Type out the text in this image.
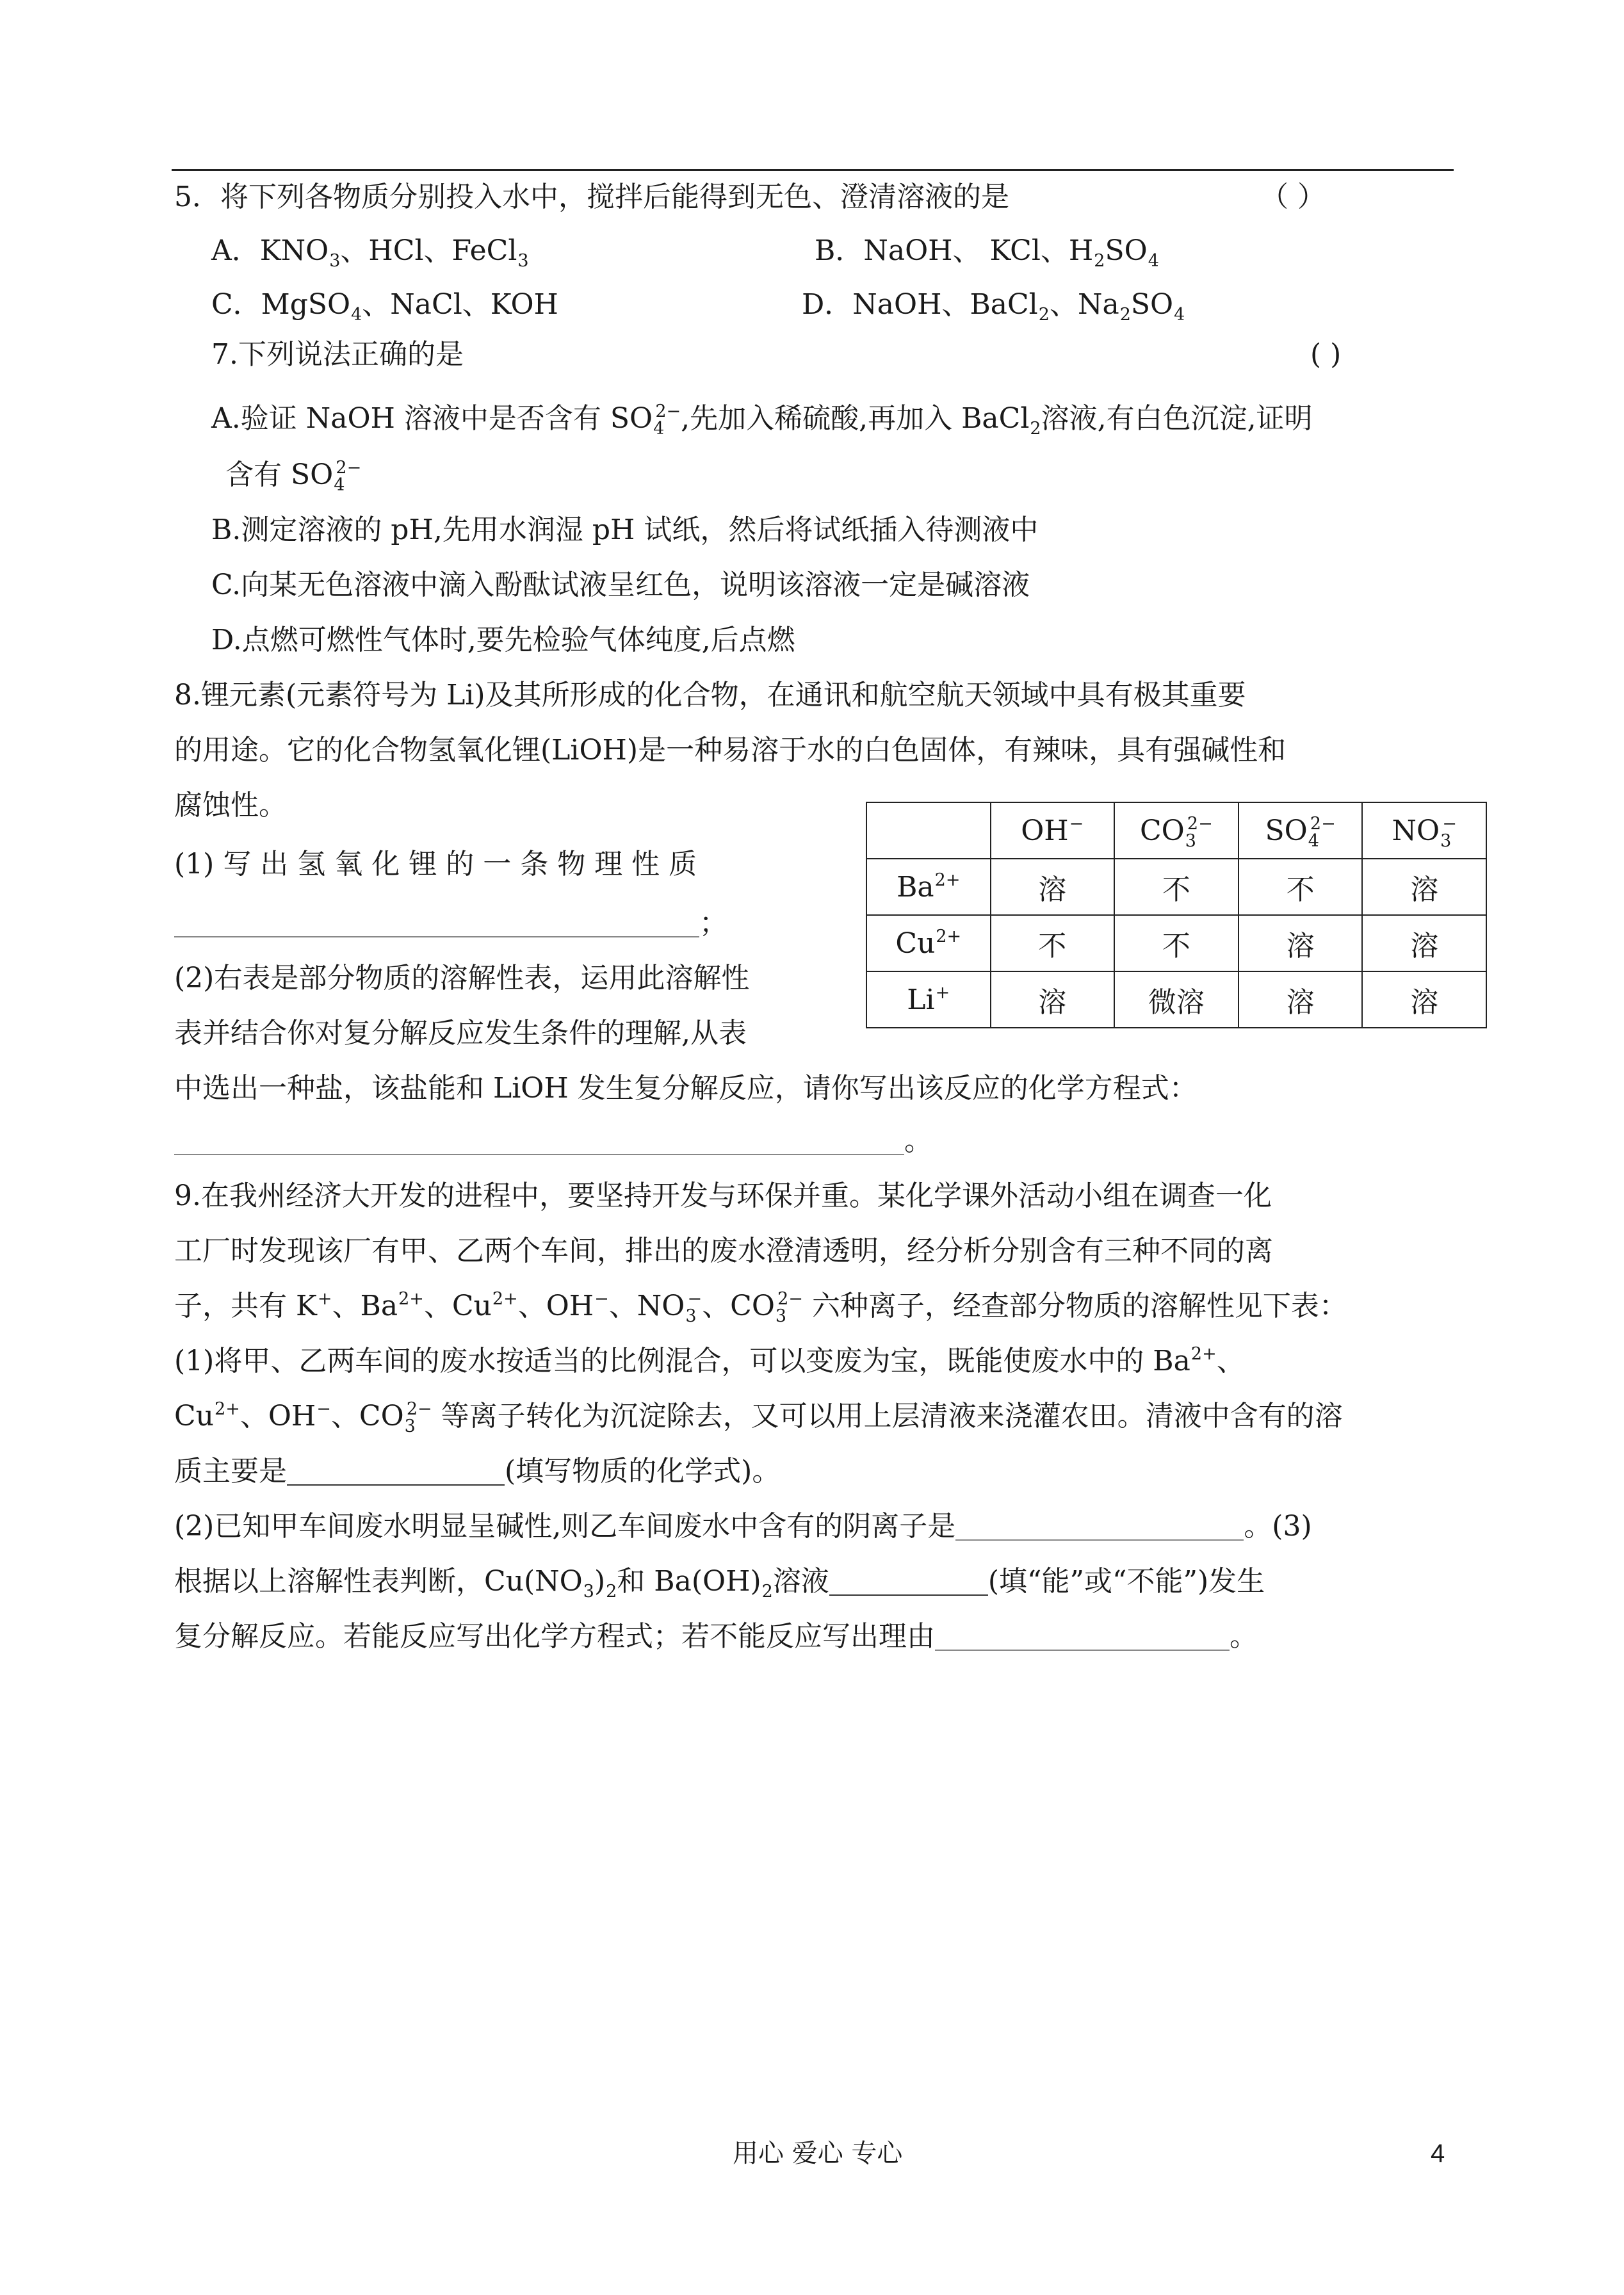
5．将下列各物质分别投入水中，搅拌后能得到无色、澄清溶液的是	（ ）
A．$KNO_3$、HCl、FeCl$_3$	B．NaOH、 KCl、$H_2SO_4$
C．MgSO$_4$、NaCl、KOH	D．NaOH、BaCl$_2$、$Na_2SO_4$
7.下列说法正确的是	( )
A.验证 NaOH 溶液中是否含有 $SO_4^{2-}$,先加入稀硫酸,再加入 BaCl$_2$溶液,有白色沉淀,证明
含有 $SO_4^{2-}$
B.测定溶液的 pH,先用水润湿 pH 试纸，然后将试纸插入待测液中
C.向某无色溶液中滴入酚酞试液呈红色，说明该溶液一定是碱溶液
D.点燃可燃性气体时,要先检验气体纯度,后点燃
8.锂元素(元素符号为 Li)及其所形成的化合物，在通讯和航空航天领域中具有极其重要
的用途。它的化合物氢氧化锂(LiOH)是一种易溶于水的白色固体，有辣味，具有强碱性和
腐蚀性。
(1) 写 出 氢 氧 化 锂 的 一 条 物 理 性 质
；
(2)右表是部分物质的溶解性表，运用此溶解性
表并结合你对复分解反应发生条件的理解,从表
中选出一种盐，该盐能和 LiOH 发生复分解反应，请你写出该反应的化学方程式：
。
	OH−	$CO_3^{2-}$	$SO_4^{2-}$	$NO_3^-$
$Ba^{2+}$	溶	不	不	溶
$Cu^{2+}$	不	不	溶	溶
Li+	溶	微溶	溶	溶
9.在我州经济大开发的进程中，要坚持开发与环保并重。某化学课外活动小组在调查一化
工厂时发现该厂有甲、乙两个车间，排出的废水澄清透明，经分析分别含有三种不同的离
子，共有 K+、$Ba^{2+}$、$Cu^{2+}$、OH−、$NO_3^-$、$CO_3^{2-}$ 六种离子，经查部分物质的溶解性见下表：
(1)将甲、乙两车间的废水按适当的比例混合，可以变废为宝，既能使废水中的 $Ba^{2+}$、
$Cu^{2+}$、OH−、$CO_3^{2-}$ 等离子转化为沉淀除去，又可以用上层清液来浇灌农田。清液中含有的溶
质主要是	(填写物质的化学式)。
(2)已知甲车间废水明显呈碱性,则乙车间废水中含有的阴离子是	。(3)
根据以上溶解性表判断，$Cu(NO_3)_2$和 $Ba(OH)_2$溶液	(填“能”或“不能”)发生
复分解反应。若能反应写出化学方程式；若不能反应写出理由	。
用心 爱心 专心	4
